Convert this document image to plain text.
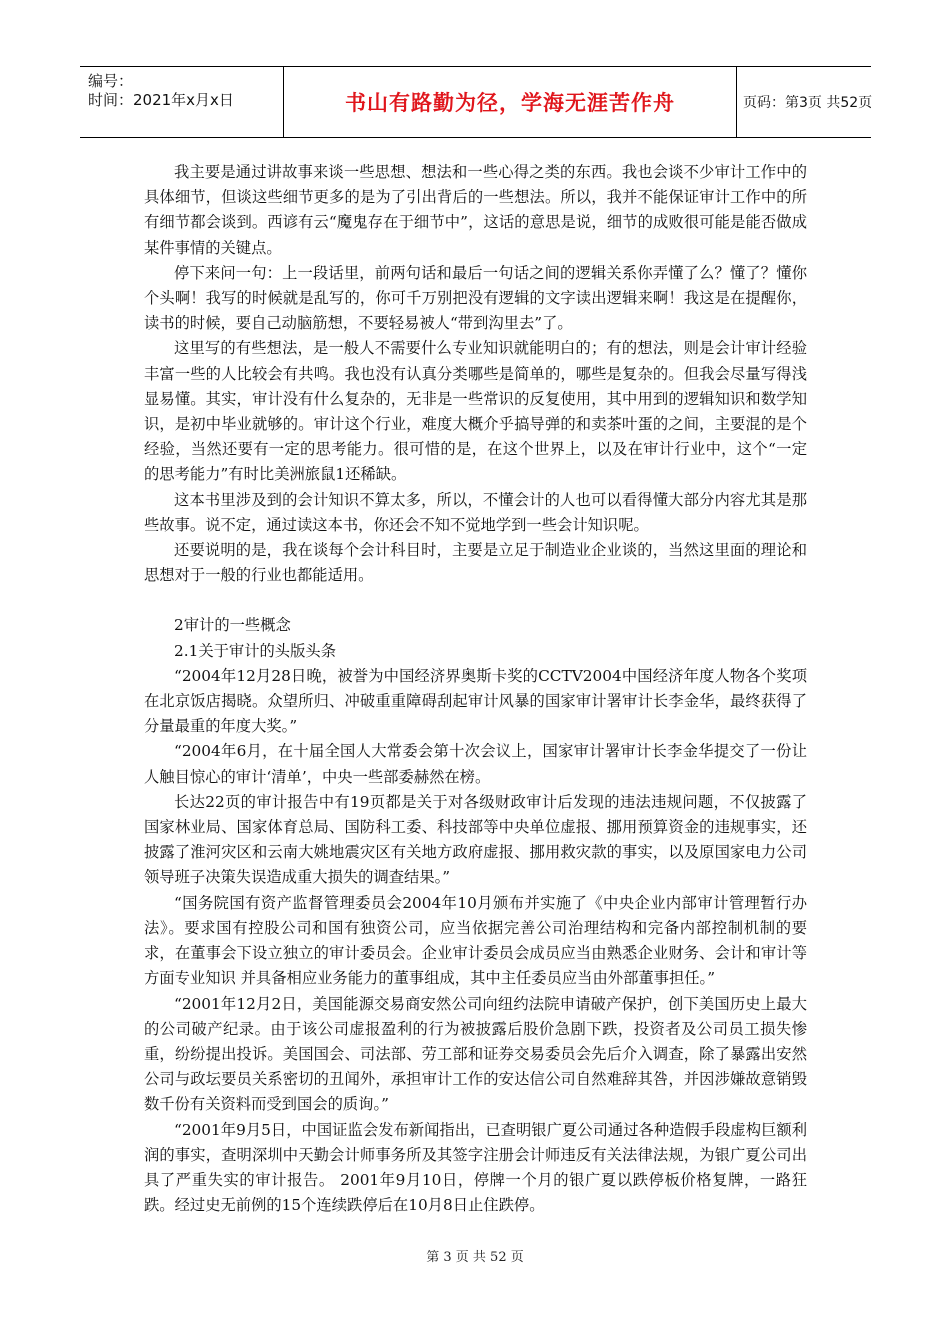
编号：
时间：2021年x月x日	书山有路勤为径，学海无涯苦作舟	页码：第3页 共52页

我主要是通过讲故事来谈一些思想、想法和一些心得之类的东西。我也会谈不少审计工作中的具体细节，但谈这些细节更多的是为了引出背后的一些想法。所以，我并不能保证审计工作中的所有细节都会谈到。西谚有云“魔鬼存在于细节中”，这话的意思是说，细节的成败很可能是能否做成某件事情的关键点。

停下来问一句：上一段话里，前两句话和最后一句话之间的逻辑关系你弄懂了么？懂了？懂你个头啊！我写的时候就是乱写的，你可千万别把没有逻辑的文字读出逻辑来啊！我这是在提醒你，读书的时候，要自己动脑筋想，不要轻易被人“带到沟里去”了。

这里写的有些想法，是一般人不需要什么专业知识就能明白的；有的想法，则是会计审计经验丰富一些的人比较会有共鸣。我也没有认真分类哪些是简单的，哪些是复杂的。但我会尽量写得浅显易懂。其实，审计没有什么复杂的，无非是一些常识的反复使用，其中用到的逻辑知识和数学知识，是初中毕业就够的。审计这个行业，难度大概介乎搞导弹的和卖茶叶蛋的之间，主要混的是个经验，当然还要有一定的思考能力。很可惜的是，在这个世界上，以及在审计行业中，这个“一定的思考能力”有时比美洲旅鼠1还稀缺。

这本书里涉及到的会计知识不算太多，所以，不懂会计的人也可以看得懂大部分内容尤其是那些故事。说不定，通过读这本书，你还会不知不觉地学到一些会计知识呢。

还要说明的是，我在谈每个会计科目时，主要是立足于制造业企业谈的，当然这里面的理论和思想对于一般的行业也都能适用。

2审计的一些概念

2.1关于审计的头版头条

“2004年12月28日晚，被誉为中国经济界奥斯卡奖的CCTV2004中国经济年度人物各个奖项在北京饭店揭晓。众望所归、冲破重重障碍刮起审计风暴的国家审计署审计长李金华，最终获得了分量最重的年度大奖。”

“2004年6月，在十届全国人大常委会第十次会议上，国家审计署审计长李金华提交了一份让人触目惊心的审计‘清单’，中央一些部委赫然在榜。

长达22页的审计报告中有19页都是关于对各级财政审计后发现的违法违规问题，不仅披露了国家林业局、国家体育总局、国防科工委、科技部等中央单位虚报、挪用预算资金的违规事实，还披露了淮河灾区和云南大姚地震灾区有关地方政府虚报、挪用救灾款的事实，以及原国家电力公司领导班子决策失误造成重大损失的调查结果。”

“国务院国有资产监督管理委员会2004年10月颁布并实施了《中央企业内部审计管理暂行办法》。要求国有控股公司和国有独资公司，应当依据完善公司治理结构和完备内部控制机制的要求，在董事会下设立独立的审计委员会。企业审计委员会成员应当由熟悉企业财务、会计和审计等方面专业知识 并具备相应业务能力的董事组成，其中主任委员应当由外部董事担任。”

“2001年12月2日，美国能源交易商安然公司向纽约法院申请破产保护，创下美国历史上最大的公司破产纪录。由于该公司虚报盈利的行为被披露后股价急剧下跌，投资者及公司员工损失惨重，纷纷提出投诉。美国国会、司法部、劳工部和证券交易委员会先后介入调查，除了暴露出安然公司与政坛要员关系密切的丑闻外，承担审计工作的安达信公司自然难辞其咎，并因涉嫌故意销毁数千份有关资料而受到国会的质询。”

“2001年9月5日，中国证监会发布新闻指出，已查明银广夏公司通过各种造假手段虚构巨额利润的事实，查明深圳中天勤会计师事务所及其签字注册会计师违反有关法律法规，为银广夏公司出具了严重失实的审计报告。 2001年9月10日，停牌一个月的银广夏以跌停板价格复牌，一路狂跌。经过史无前例的15个连续跌停后在10月8日止住跌停。

第 3 页 共 52 页
